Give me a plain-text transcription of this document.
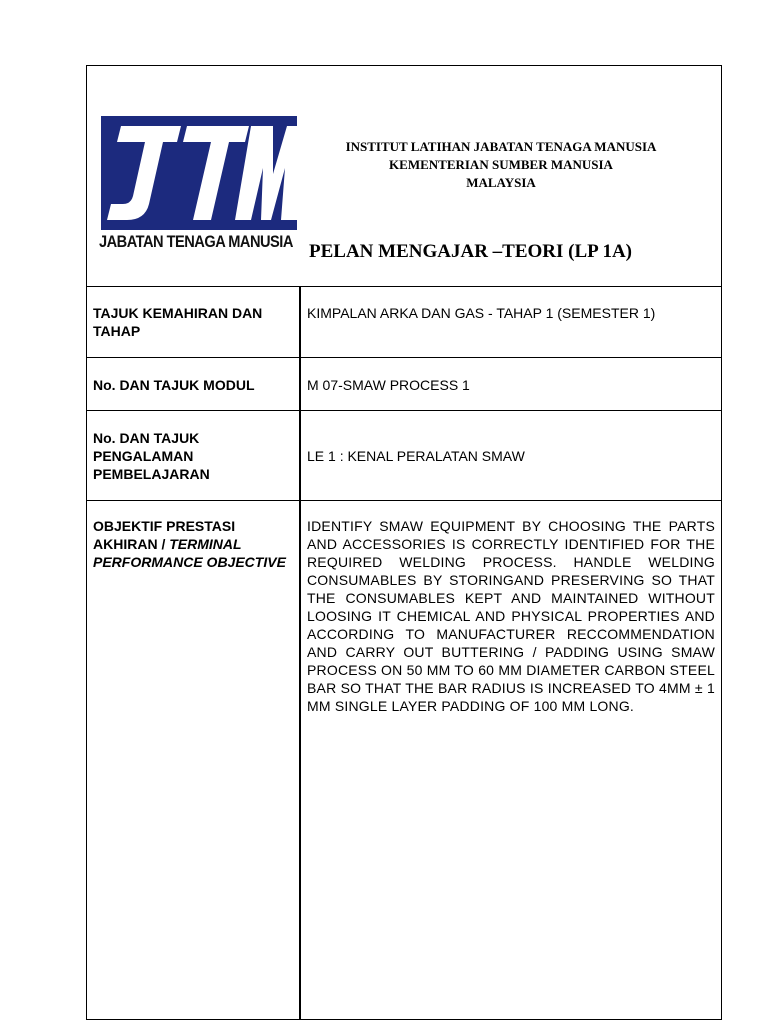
JABATAN TENAGA MANUSIA
INSTITUT LATIHAN JABATAN TENAGA MANUSIA
KEMENTERIAN SUMBER MANUSIA
MALAYSIA
PELAN MENGAJAR –TEORI (LP 1A)
TAJUK KEMAHIRAN DAN TAHAP
KIMPALAN ARKA DAN GAS - TAHAP 1 (SEMESTER 1)
No. DAN TAJUK MODUL	M 07-SMAW PROCESS 1
No. DAN TAJUK PENGALAMAN PEMBELAJARAN
LE 1 : KENAL PERALATAN SMAW
OBJEKTIF PRESTASI AKHIRAN / TERMINAL PERFORMANCE OBJECTIVE
IDENTIFY SMAW EQUIPMENT BY CHOOSING THE PARTS AND ACCESSORIES IS CORRECTLY IDENTIFIED FOR THE REQUIRED WELDING PROCESS. HANDLE WELDING CONSUMABLES BY STORINGAND PRESERVING SO THAT THE CONSUMABLES KEPT AND MAINTAINED WITHOUT LOOSING IT CHEMICAL AND PHYSICAL PROPERTIES AND ACCORDING TO MANUFACTURER RECCOMMENDATION AND CARRY OUT BUTTERING / PADDING USING SMAW PROCESS ON 50 MM TO 60 MM DIAMETER CARBON STEEL BAR SO THAT THE BAR RADIUS IS INCREASED TO 4MM ± 1 MM SINGLE LAYER PADDING OF 100 MM LONG.
